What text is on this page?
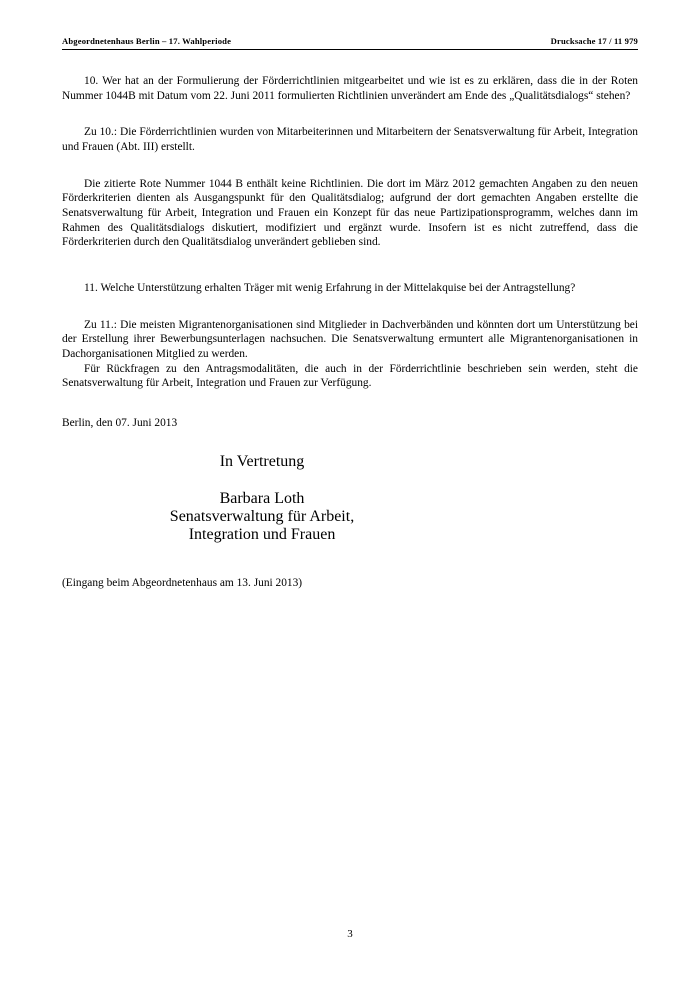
Abgeordnetenhaus Berlin – 17. Wahlperiode	Drucksache 17 / 11 979

10. Wer hat an der Formulierung der Förderrichtlinien mitgearbeitet und wie ist es zu erklären, dass die in der Roten Nummer 1044B mit Datum vom 22. Juni 2011 formulierten Richtlinien unverändert am Ende des „Qualitätsdialogs“ stehen?

Zu 10.: Die Förderrichtlinien wurden von Mitarbeiterinnen und Mitarbeitern der Senatsverwaltung für Arbeit, Integration und Frauen (Abt. III) erstellt.

Die zitierte Rote Nummer 1044 B enthält keine Richtlinien. Die dort im März 2012 gemachten Angaben zu den neuen Förderkriterien dienten als Ausgangspunkt für den Qualitätsdialog; aufgrund der dort gemachten Angaben erstellte die Senatsverwaltung für Arbeit, Integration und Frauen ein Konzept für das neue Partizipationsprogramm, welches dann im Rahmen des Qualitätsdialogs diskutiert, modifiziert und ergänzt wurde. Insofern ist es nicht zutreffend, dass die Förderkriterien durch den Qualitätsdialog unverändert geblieben sind.

11. Welche Unterstützung erhalten Träger mit wenig Erfahrung in der Mittelakquise bei der Antragstellung?

Zu 11.: Die meisten Migrantenorganisationen sind Mitglieder in Dachverbänden und könnten dort um Unterstützung bei der Erstellung ihrer Bewerbungsunterlagen nachsuchen. Die Senatsverwaltung ermuntert alle Migrantenorganisationen in Dachorganisationen Mitglied zu werden.

Für Rückfragen zu den Antragsmodalitäten, die auch in der Förderrichtlinie beschrieben sein werden, steht die Senatsverwaltung für Arbeit, Integration und Frauen zur Verfügung.

Berlin, den 07. Juni 2013

In Vertretung
Barbara Loth
Senatsverwaltung für Arbeit,
Integration und Frauen

(Eingang beim Abgeordnetenhaus am 13. Juni 2013)

3
